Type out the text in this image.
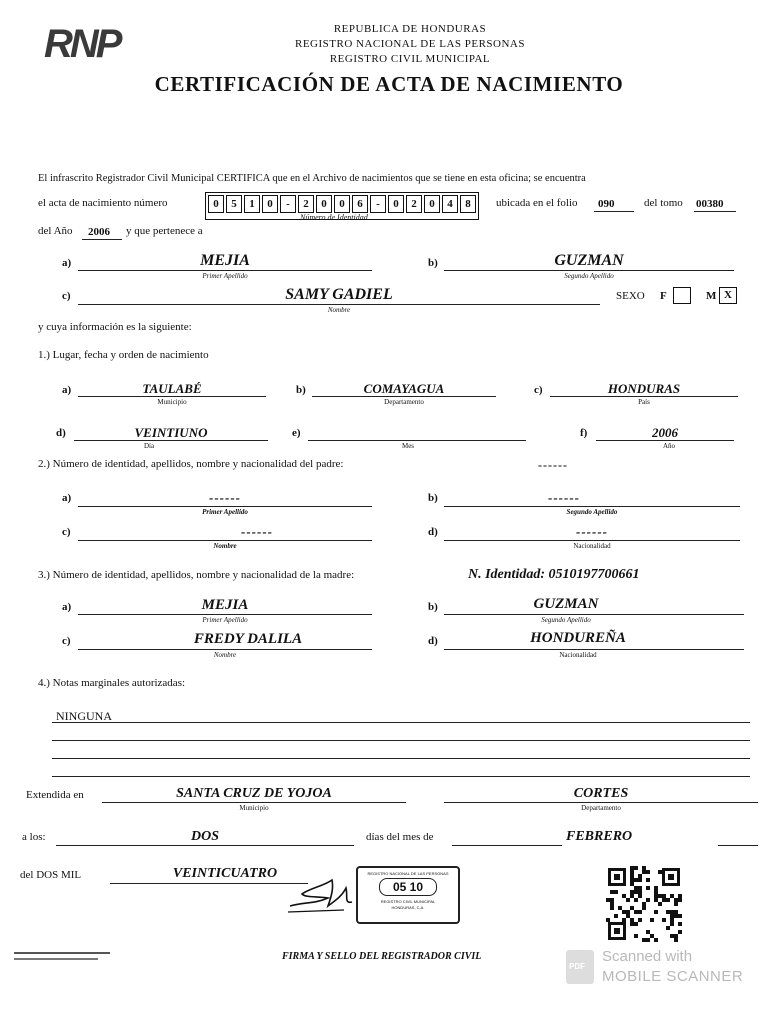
RNP	REPUBLICA DE HONDURAS
REGISTRO NACIONAL DE LAS PERSONAS
REGISTRO CIVIL MUNICIPAL
CERTIFICACIÓN DE ACTA DE NACIMIENTO
El infrascrito Registrador Civil Municipal CERTIFICA que en el Archivo de nacimientos que se tiene en esta oficina; se encuentra
el acta de nacimiento número	0	5	1	0	-	2	0	0	6	-	0	2	0	4	8
Número de Identidad
ubicada en el folio 090	del tomo 00380
del Año 2006 y que pertenece a
a)	MEJIA
Primer Apellido
b)	GUZMAN
Segundo Apellido
c)	SAMY GADIEL
Nombre
SEXO F	M X
y cuya información es la siguiente:
1.) Lugar, fecha y orden de nacimiento
a)	TAULABÉ
Municipio
b)	COMAYAGUA
Departamento
c)	HONDURAS
País
d)	VEINTIUNO
Día
e)
Mes
f)	2006
Año
2.) Número de identidad, apellidos, nombre y nacionalidad del padre:	------
a)	------
Primer Apellido
b)	------
Segundo Apellido
c)	------
Nombre
d)	------
Nacionalidad
3.) Número de identidad, apellidos, nombre y nacionalidad de la madre:	N. Identidad: 0510197700661
a)	MEJIA
Primer Apellido
b)	GUZMAN
Segundo Apellido
c)	FREDY DALILA
Nombre
d)	HONDUREÑA
Nacionalidad
4.) Notas marginales autorizadas:
NINGUNA
Extendida en	SANTA CRUZ DE YOJOA
Municipio
CORTES
Departamento
a los:	DOS	días del mes de	FEBRERO
del DOS MIL	VEINTICUATRO	REGISTRO NACIONAL DE LAS PERSONAS
05 10
REGISTRO CIVIL MUNICIPAL
HONDURAS, C.A.
FIRMA Y SELLO DEL REGISTRADOR CIVIL
PDF
Scanned with
MOBILE SCANNER
